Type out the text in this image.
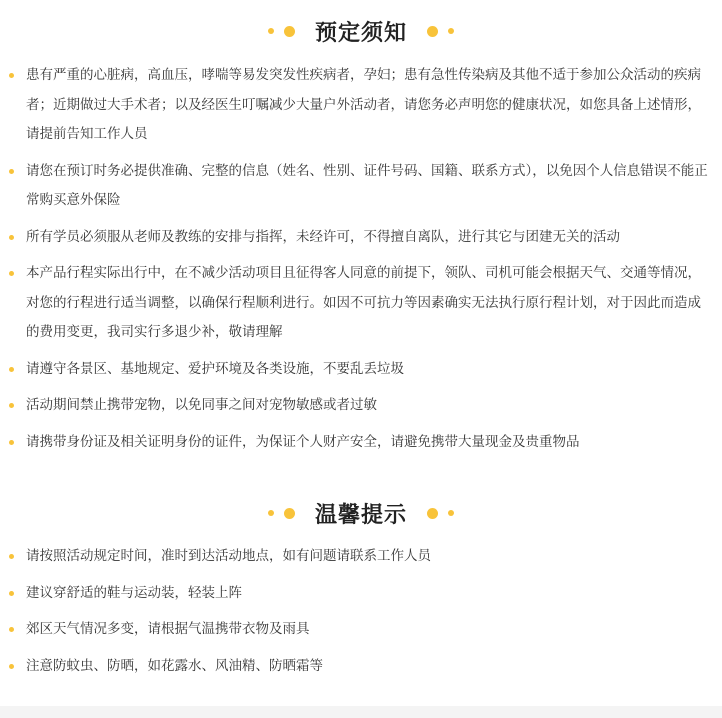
预定须知
患有严重的心脏病，高血压，哮喘等易发突发性疾病者，孕妇；患有急性传染病及其他不适于参加公众活动的疾病者；近期做过大手术者；以及经医生叮嘱减少大量户外活动者，请您务必声明您的健康状况，如您具备上述情形，请提前告知工作人员
请您在预订时务必提供准确、完整的信息（姓名、性别、证件号码、国籍、联系方式），以免因个人信息错误不能正常购买意外保险
所有学员必须服从老师及教练的安排与指挥，未经许可，不得擅自离队，进行其它与团建无关的活动
本产品行程实际出行中，在不减少活动项目且征得客人同意的前提下，领队、司机可能会根据天气、交通等情况，对您的行程进行适当调整，以确保行程顺利进行。如因不可抗力等因素确实无法执行原行程计划，对于因此而造成的费用变更，我司实行多退少补，敬请理解
请遵守各景区、基地规定、爱护环境及各类设施，不要乱丢垃圾
活动期间禁止携带宠物，以免同事之间对宠物敏感或者过敏
请携带身份证及相关证明身份的证件，为保证个人财产安全，请避免携带大量现金及贵重物品
温馨提示
请按照活动规定时间，准时到达活动地点，如有问题请联系工作人员
建议穿舒适的鞋与运动装，轻装上阵
郊区天气情况多变，请根据气温携带衣物及雨具
注意防蚊虫、防晒，如花露水、风油精、防晒霜等
